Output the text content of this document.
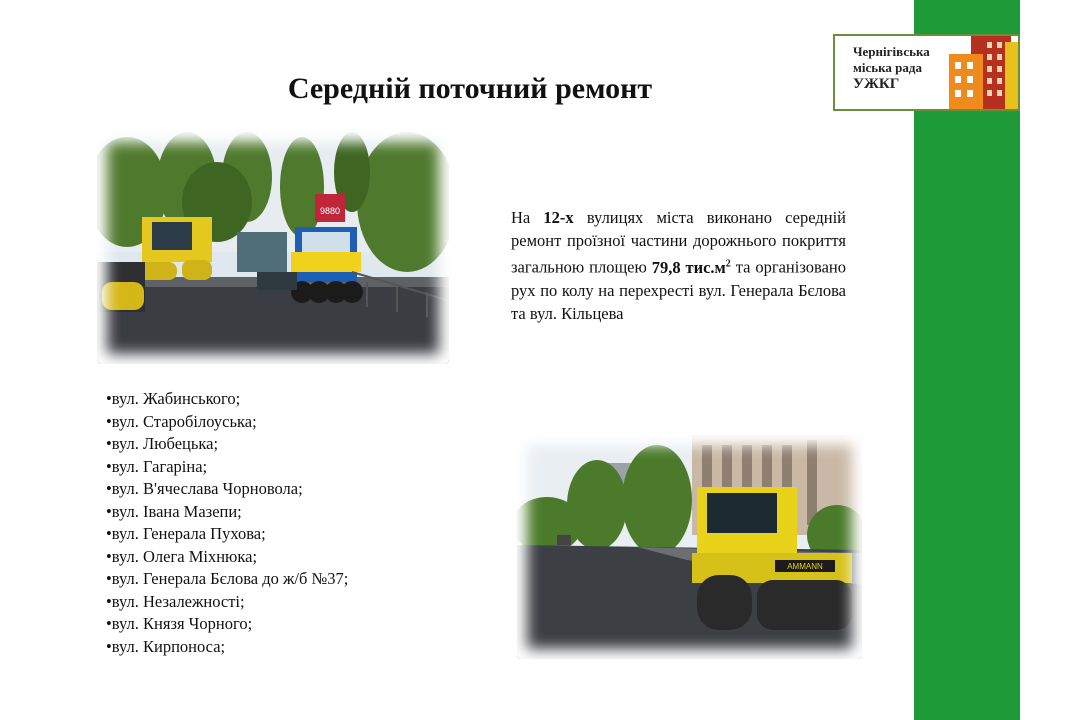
Чернігівська
міська рада
УЖКГ
Середній поточний ремонт
9880	На 12-х вулицях міста виконано середній ремонт проїзної частини дорожнього покриття загальною площею 79,8 $тис.м^2$ та організовано рух по колу на перехресті вул. Генерала Бєлова та вул. Кільцева

• вул. Жабинського;
• вул. Старобілоуська;
• вул. Любецька;
• вул. Гагаріна;
• вул. В'ячеслава Чорновола;
• вул. Івана Мазепи;
• вул. Генерала Пухова;
• вул. Олега Міхнюка;
• вул. Генерала Бєлова до ж/б №37;
• вул. Незалежності;
• вул. Князя Чорного;
• вул. Кирпоноса;
AMMANN
